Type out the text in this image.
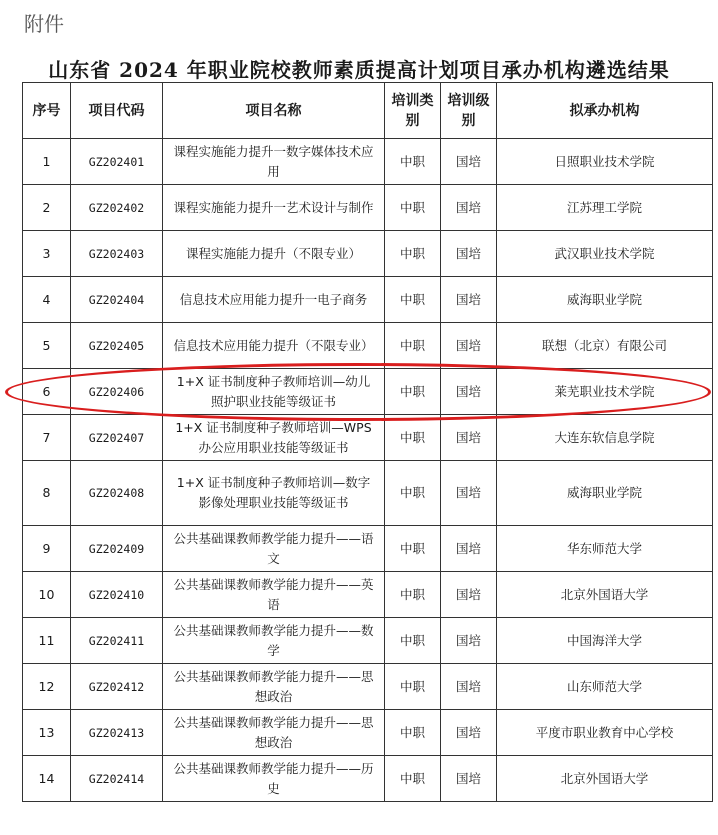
附件
山东省 2024 年职业院校教师素质提高计划项目承办机构遴选结果
序号	项目代码	项目名称	培训类别	培训级别	拟承办机构
1	GZ202401	课程实施能力提升一数字媒体技术应用	中职	国培	日照职业技术学院
2	GZ202402	课程实施能力提升一艺术设计与制作	中职	国培	江苏理工学院
3	GZ202403	课程实施能力提升（不限专业）	中职	国培	武汉职业技术学院
4	GZ202404	信息技术应用能力提升一电子商务	中职	国培	威海职业学院
5	GZ202405	信息技术应用能力提升（不限专业）	中职	国培	联想（北京）有限公司
6	GZ202406	1+X 证书制度种子教师培训—幼儿照护职业技能等级证书	中职	国培	莱芜职业技术学院
7	GZ202407	1+X 证书制度种子教师培训—WPS 办公应用职业技能等级证书	中职	国培	大连东软信息学院
8	GZ202408	1+X 证书制度种子教师培训—数字影像处理职业技能等级证书	中职	国培	威海职业学院
9	GZ202409	公共基础课教师教学能力提升——语文	中职	国培	华东师范大学
10	GZ202410	公共基础课教师教学能力提升——英语	中职	国培	北京外国语大学
11	GZ202411	公共基础课教师教学能力提升——数学	中职	国培	中国海洋大学
12	GZ202412	公共基础课教师教学能力提升——思想政治	中职	国培	山东师范大学
13	GZ202413	公共基础课教师教学能力提升——思想政治	中职	国培	平度市职业教育中心学校
14	GZ202414	公共基础课教师教学能力提升——历史	中职	国培	北京外国语大学
